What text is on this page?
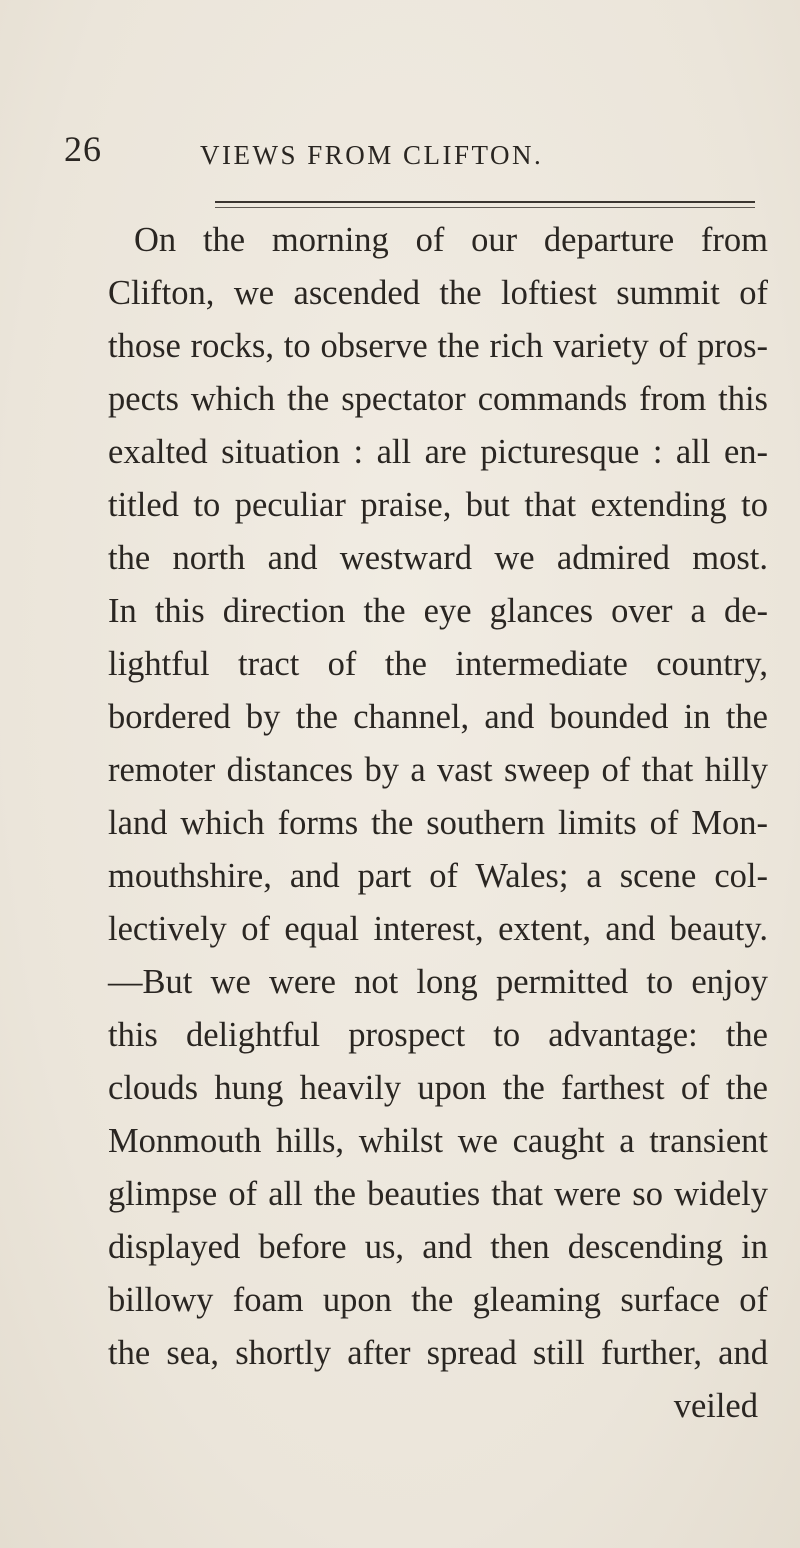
26	VIEWS FROM CLIFTON.
On the morning of our departure from
Clifton, we ascended the loftiest summit of
those rocks, to observe the rich variety of pros-
pects which the spectator commands from this
exalted situation : all are picturesque : all en-
titled to peculiar praise, but that extending to
the north and westward we admired most.
In this direction the eye glances over a de-
lightful tract of the intermediate country,
bordered by the channel, and bounded in the
remoter distances by a vast sweep of that hilly
land which forms the southern limits of Mon-
mouthshire, and part of Wales; a scene col-
lectively of equal interest, extent, and beauty.
—But we were not long permitted to enjoy
this delightful prospect to advantage: the
clouds hung heavily upon the farthest of the
Monmouth hills, whilst we caught a transient
glimpse of all the beauties that were so widely
displayed before us, and then descending in
billowy foam upon the gleaming surface of
the sea, shortly after spread still further, and
veiled
